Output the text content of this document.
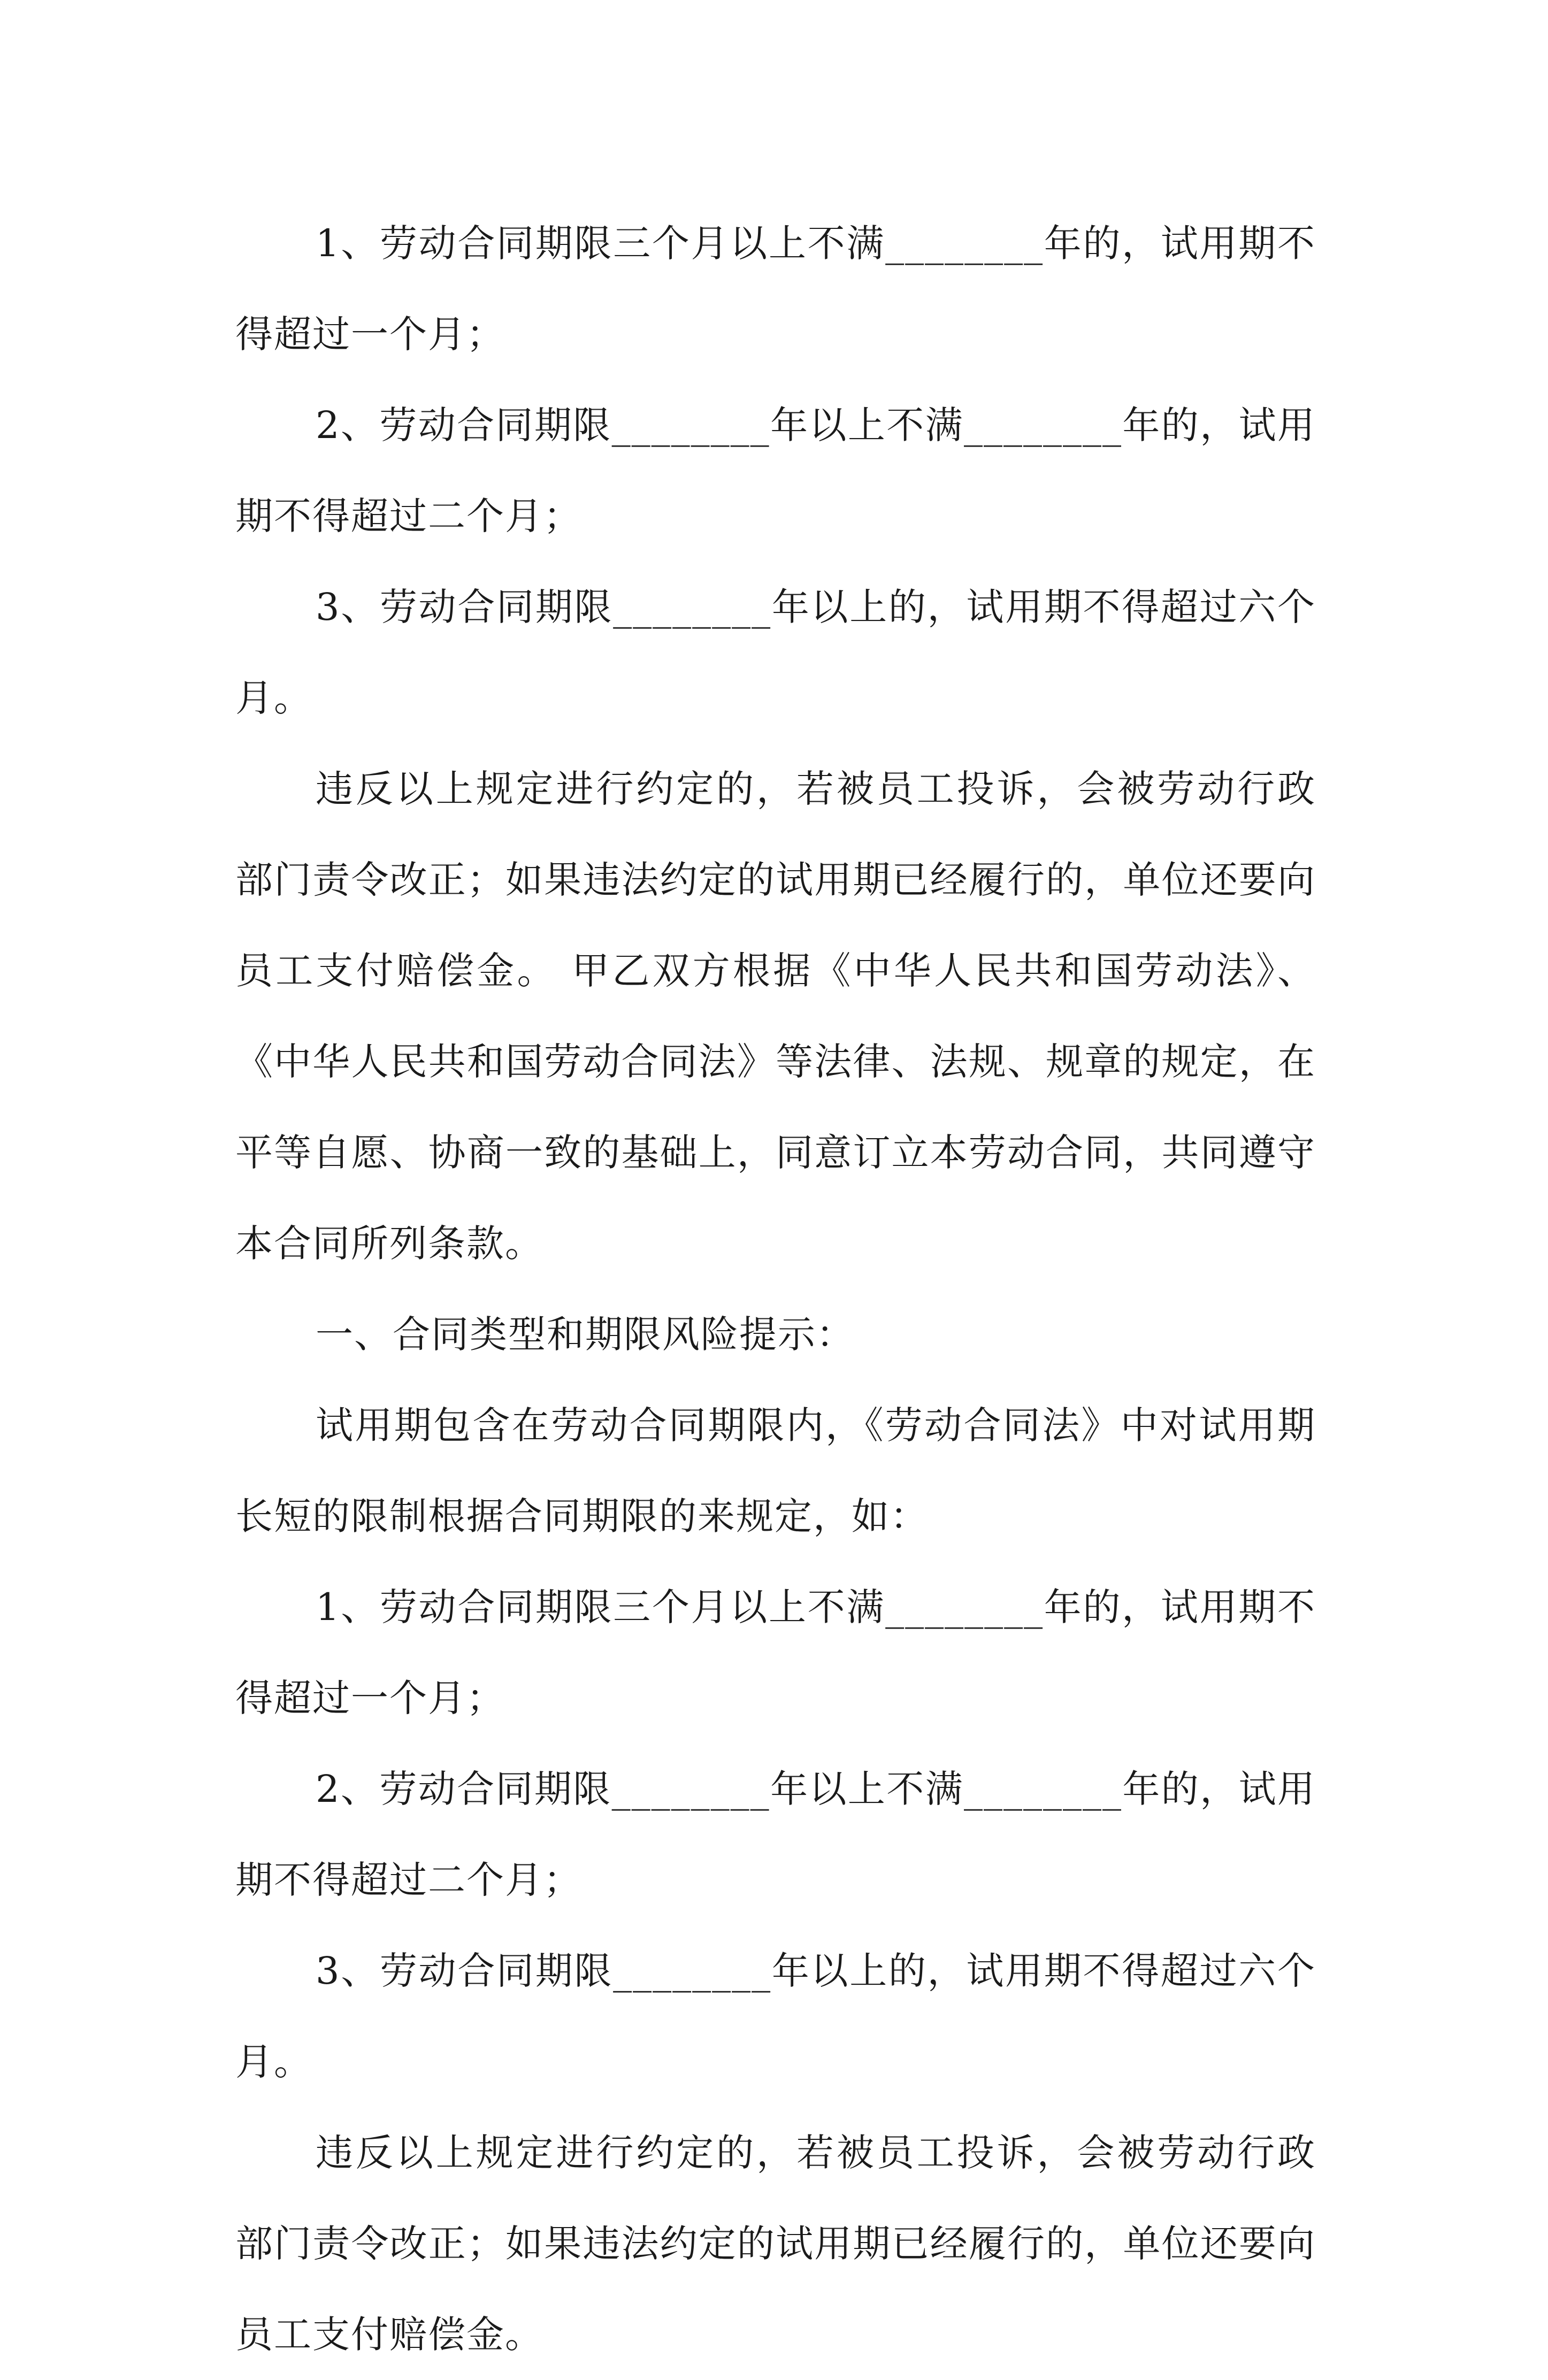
1、劳动合同期限三个月以上不满________年的，试用期不得超过一个月；

2、劳动合同期限________年以上不满________年的，试用期不得超过二个月；

3、劳动合同期限________年以上的，试用期不得超过六个月。

违反以上规定进行约定的，若被员工投诉，会被劳动行政部门责令改正；如果违法约定的试用期已经履行的，单位还要向员工支付赔偿金。 甲乙双方根据《中华人民共和国劳动法》、《中华人民共和国劳动合同法》等法律、法规、规章的规定，在平等自愿、协商一致的基础上，同意订立本劳动合同，共同遵守本合同所列条款。

一、合同类型和期限风险提示：

试用期包含在劳动合同期限内，《劳动合同法》中对试用期长短的限制根据合同期限的来规定，如：

1、劳动合同期限三个月以上不满________年的，试用期不得超过一个月；

2、劳动合同期限________年以上不满________年的，试用期不得超过二个月；

3、劳动合同期限________年以上的，试用期不得超过六个月。

违反以上规定进行约定的，若被员工投诉，会被劳动行政部门责令改正；如果违法约定的试用期已经履行的，单位还要向员工支付赔偿金。
